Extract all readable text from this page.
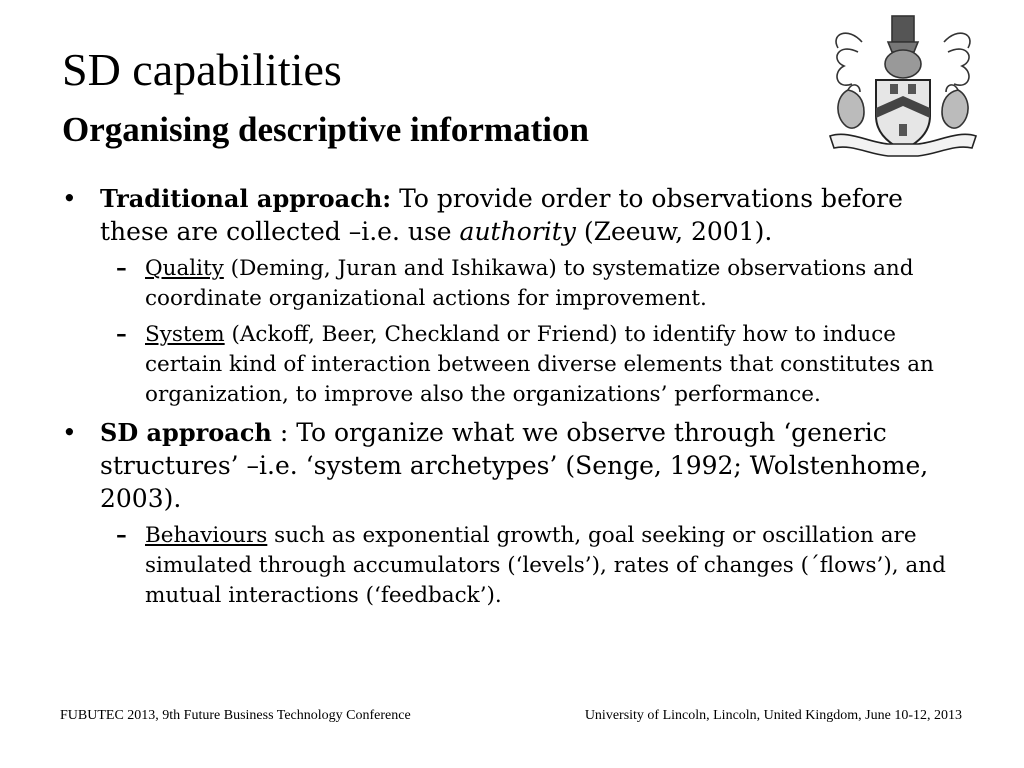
SD capabilities
Organising descriptive information

• Traditional approach: To provide order to observations before these are collected –i.e. use authority (Zeeuw, 2001).

– Quality (Deming, Juran and Ishikawa) to systematize observations and coordinate organizational actions for improvement.

– System (Ackoff, Beer, Checkland or Friend) to identify how to induce certain kind of interaction between diverse elements that constitutes an organization, to improve also the organizations’ performance.

• SD approach : To organize what we observe through ‘generic structures’ –i.e. ‘system archetypes’ (Senge, 1992; Wolstenhome, 2003).

– Behaviours such as exponential growth, goal seeking or oscillation are simulated through accumulators (‘levels’), rates of changes (´flows’), and mutual interactions (‘feedback’).

FUBUTEC 2013, 9th Future Business Technology Conference	University of Lincoln, Lincoln, United Kingdom, June 10-12, 2013
